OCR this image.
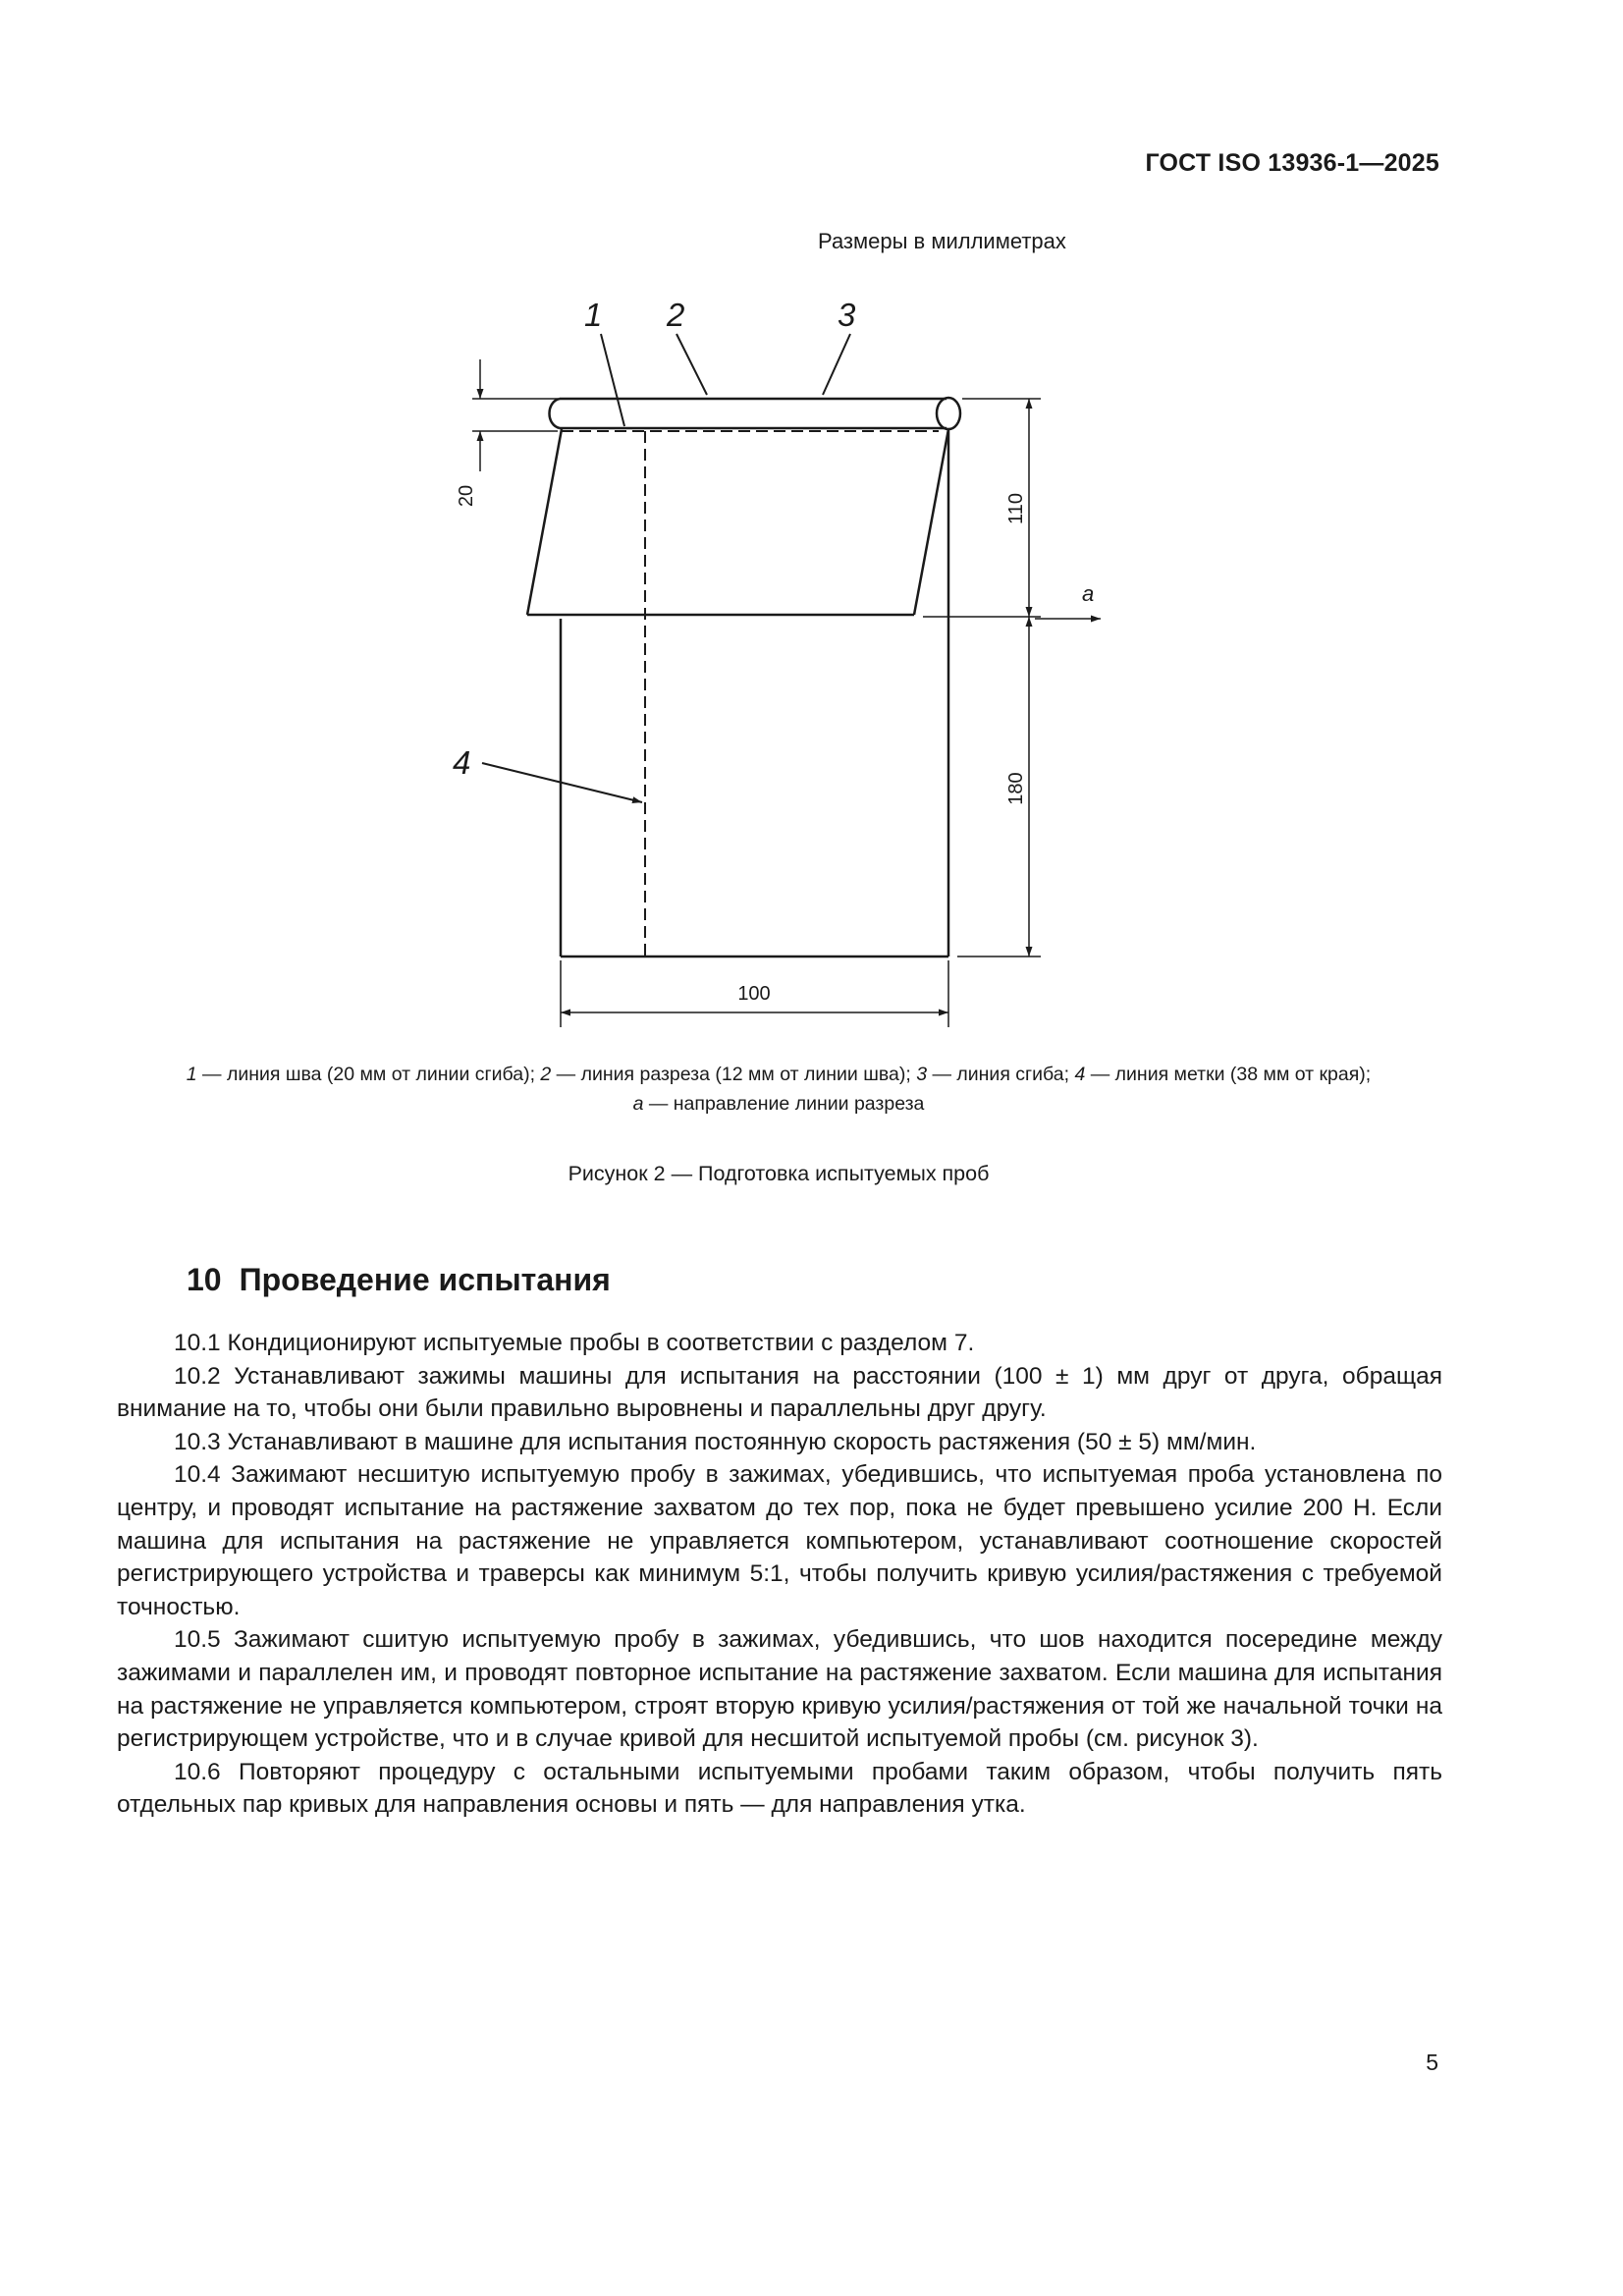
ГОСТ ISO 13936-1—2025
Размеры в миллиметрах
1 2	3
4
a
20	110
180
100
1 — линия шва (20 мм от линии сгиба); 2 — линия разреза (12 мм от линии шва); 3 — линия сгиба; 4 — линия метки (38 мм от края);
a — направление линии разреза
Рисунок 2 — Подготовка испытуемых проб
10 Проведение испытания

10.1 Кондиционируют испытуемые пробы в соответствии с разделом 7.

10.2 Устанавливают зажимы машины для испытания на расстоянии (100 ± 1) мм друг от друга, обращая внимание на то, чтобы они были правильно выровнены и параллельны друг другу.

10.3 Устанавливают в машине для испытания постоянную скорость растяжения (50 ± 5) мм/мин.

10.4 Зажимают несшитую испытуемую пробу в зажимах, убедившись, что испытуемая проба установлена по центру, и проводят испытание на растяжение захватом до тех пор, пока не будет превышено усилие 200 Н. Если машина для испытания на растяжение не управляется компьютером, устанавливают соотношение скоростей регистрирующего устройства и траверсы как минимум 5:1, чтобы получить кривую усилия/растяжения с требуемой точностью.

10.5 Зажимают сшитую испытуемую пробу в зажимах, убедившись, что шов находится посередине между зажимами и параллелен им, и проводят повторное испытание на растяжение захватом. Если машина для испытания на растяжение не управляется компьютером, строят вторую кривую усилия/растяжения от той же начальной точки на регистрирующем устройстве, что и в случае кривой для несшитой испытуемой пробы (см. рисунок 3).

10.6 Повторяют процедуру с остальными испытуемыми пробами таким образом, чтобы получить пять отдельных пар кривых для направления основы и пять — для направления утка.

5
